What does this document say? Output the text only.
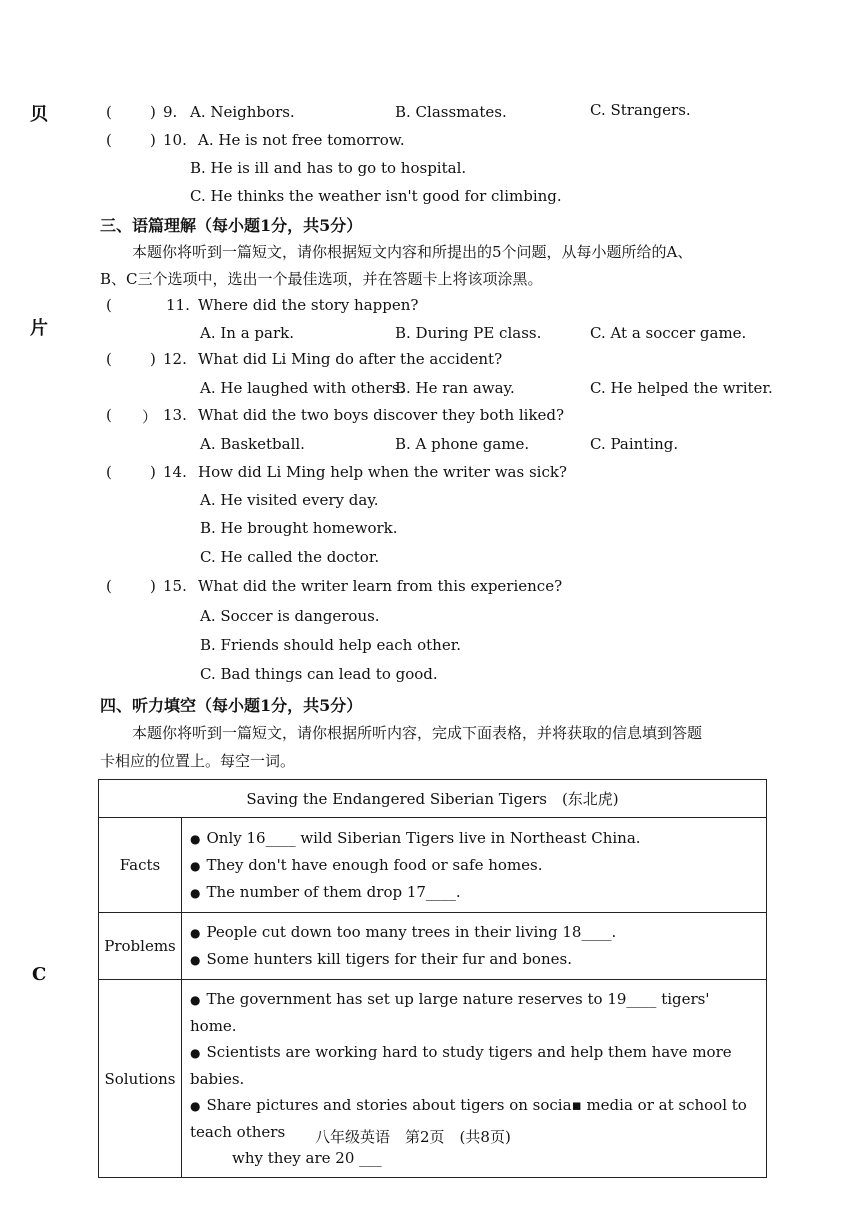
贝
片
C
(	) 9. A. Neighbors.	B. Classmates.	C. Strangers.
(	) 10. A. He is not free tomorrow.
B. He is ill and has to go to hospital.
C. He thinks the weather isn't good for climbing.
三、语篇理解（每小题1分，共5分）
本题你将听到一篇短文，请你根据短文内容和所提出的5个问题，从每小题所给的A、
B、C三个选项中，选出一个最佳选项，并在答题卡上将该项涂黑。
(	11. Where did the story happen?
A. In a park.	B. During PE class.	C. At a soccer game.
(	) 12. What did Li Ming do after the accident?
A. He laughed with others.
B. He ran away.	C. He helped the writer.
( ） 13. What did the two boys discover they both liked?
A. Basketball.	B. A phone game.	C. Painting.
(	) 14. How did Li Ming help when the writer was sick?
A. He visited every day.
B. He brought homework.
C. He called the doctor.
(	) 15. What did the writer learn from this experience?
A. Soccer is dangerous.
B. Friends should help each other.
C. Bad things can lead to good.
四、听力填空（每小题1分，共5分）
本题你将听到一篇短文，请你根据所听内容，完成下面表格，并将获取的信息填到答题
卡相应的位置上。每空一词。
Saving the Endangered Siberian Tigers　(东北虎)	
Facts	● Only 16____ wild Siberian Tigers live in Northeast China.
● They don't have enough food or safe homes.
● The number of them drop 17____.

Problems	● People cut down too many trees in their living 18____.
● Some hunters kill tigers for their fur and bones.

Solutions	● The government has set up large nature reserves to 19____ tigers' home.
● Scientists are working hard to study tigers and help them have more babies.
● Share pictures and stories about tigers on socia▪ media or at school to teach others
why they are 20 ___
八年级英语　第2页　(共8页)
